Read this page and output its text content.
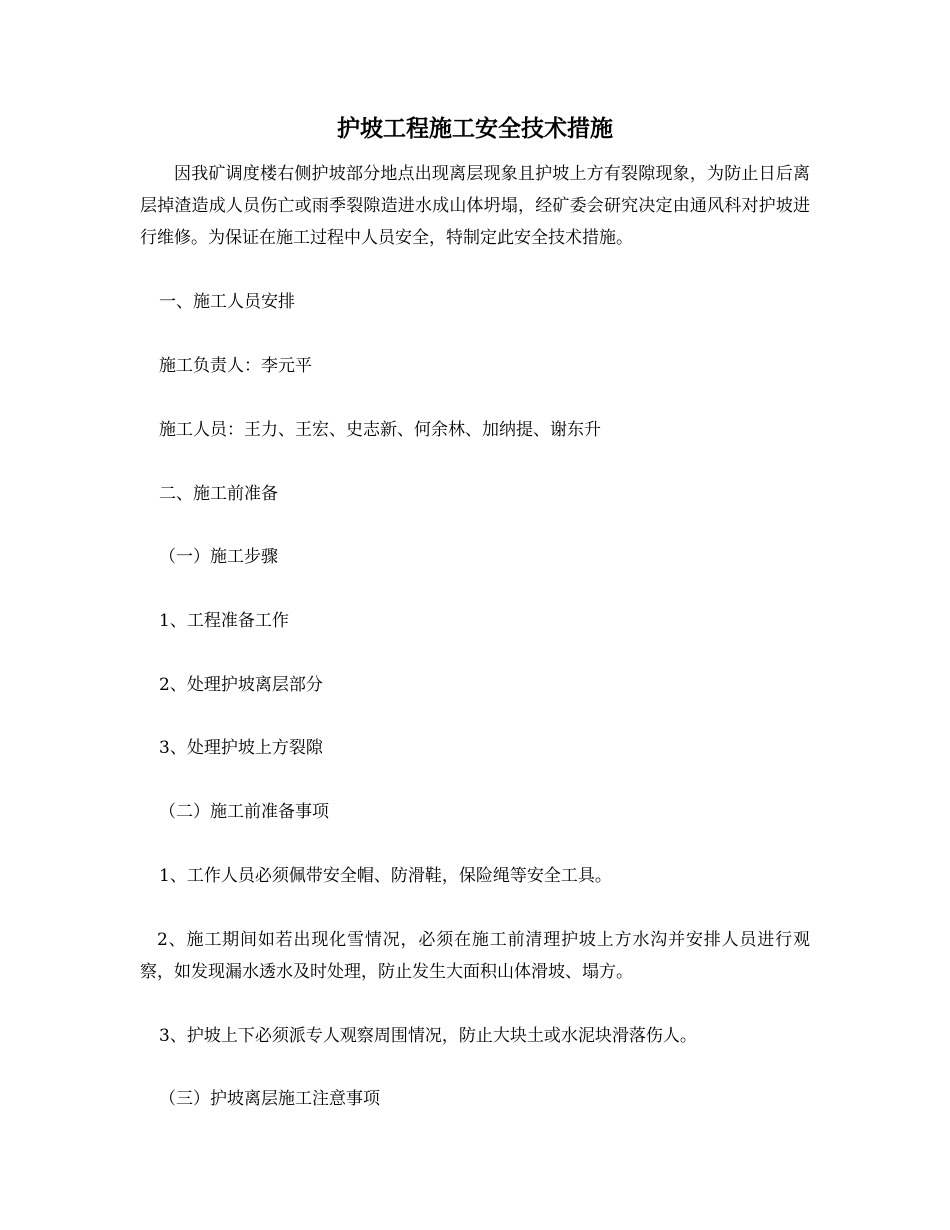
护坡工程施工安全技术措施

因我矿调度楼右侧护坡部分地点出现离层现象且护坡上方有裂隙现象，为防止日后离层掉渣造成人员伤亡或雨季裂隙造进水成山体坍塌，经矿委会研究决定由通风科对护坡进行维修。为保证在施工过程中人员安全，特制定此安全技术措施。

一、施工人员安排

施工负责人：李元平

施工人员：王力、王宏、史志新、何余林、加纳提、谢东升

二、施工前准备

（一）施工步骤

1、工程准备工作

2、处理护坡离层部分

3、处理护坡上方裂隙

（二）施工前准备事项

1、工作人员必须佩带安全帽、防滑鞋，保险绳等安全工具。

2、施工期间如若出现化雪情况，必须在施工前清理护坡上方水沟并安排人员进行观察，如发现漏水透水及时处理，防止发生大面积山体滑坡、塌方。

3、护坡上下必须派专人观察周围情况，防止大块土或水泥块滑落伤人。

（三）护坡离层施工注意事项
